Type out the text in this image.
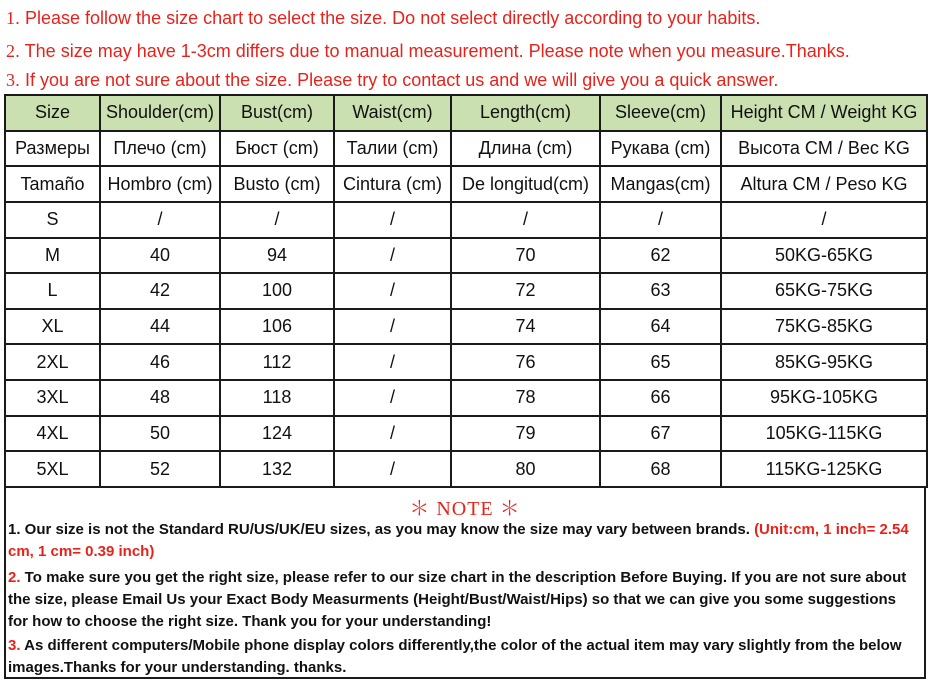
1. Please follow the size chart to select the size. Do not select directly according to your habits.
2. The size may have 1-3cm differs due to manual measurement. Please note when you measure.Thanks.
3. If you are not sure about the size. Please try to contact us and we will give you a quick answer.
Size	Shoulder(cm)	Bust(cm)	Waist(cm)	Length(cm)	Sleeve(cm)	Height CM / Weight KG
Размеры	Плечо (cm)	Бюст (cm)	Талии (cm)	Длина (cm)	Рукава (cm)	Высота CM / Вес KG
Tamaño	Hombro (cm)	Busto (cm)	Cintura (cm)	De longitud(cm)	Mangas(cm)	Altura CM / Peso KG
S	/	/	/	/	/	/
M	40	94	/	70	62	50KG-65KG
L	42	100	/	72	63	65KG-75KG
XL	44	106	/	74	64	75KG-85KG
2XL	46	112	/	76	65	85KG-95KG
3XL	48	118	/	78	66	95KG-105KG
4XL	50	124	/	79	67	105KG-115KG
5XL	52	132	/	80	68	115KG-125KG
＊ NOTE ＊
1. Our size is not the Standard RU/US/UK/EU sizes, as you may know the size may vary between brands. (Unit:cm, 1 inch= 2.54 cm, 1 cm= 0.39 inch)
2. To make sure you get the right size, please refer to our size chart in the description Before Buying. If you are not sure about the size, please Email Us your Exact Body Measurments (Height/Bust/Waist/Hips) so that we can give you some suggestions for how to choose the right size. Thank you for your understanding!
3. As different computers/Mobile phone display colors differently,the color of the actual item may vary slightly from the below images.Thanks for your understanding. thanks.
